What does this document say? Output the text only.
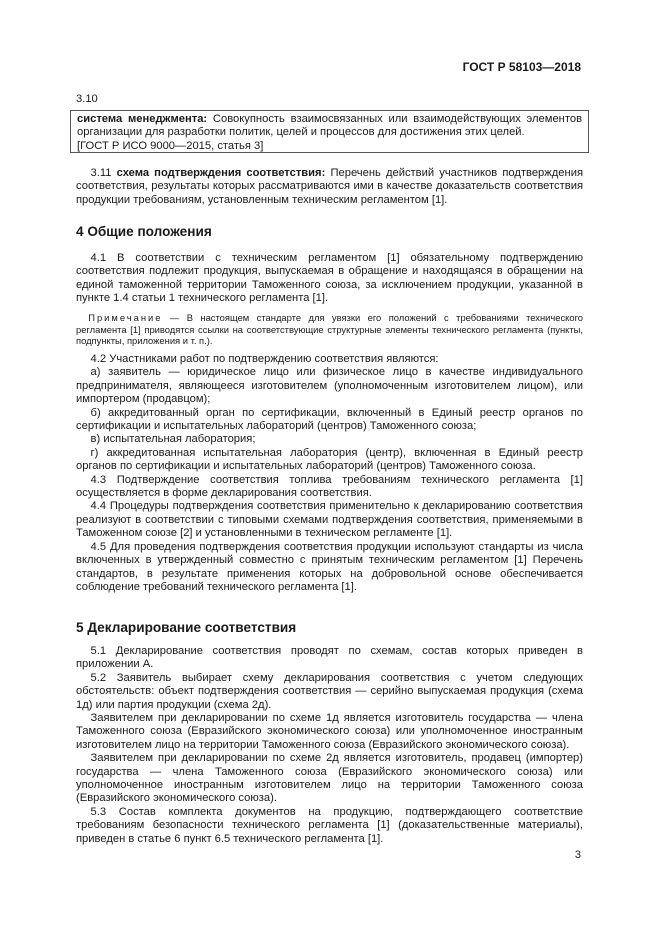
ГОСТ Р 58103—2018
3.10

система менеджмента: Совокупность взаимосвязанных или взаимодействующих элементов организации для разработки политик, целей и процессов для достижения этих целей.

[ГОСТ Р ИСО 9000—2015, статья 3]

3.11 схема подтверждения соответствия: Перечень действий участников подтверждения соответствия, результаты которых рассматриваются ими в качестве доказательств соответствия продукции требованиям, установленным техническим регламентом [1].

4 Общие положения

4.1 В соответствии с техническим регламентом [1] обязательному подтверждению соответствия подлежит продукция, выпускаемая в обращение и находящаяся в обращении на единой таможенной территории Таможенного союза, за исключением продукции, указанной в пункте 1.4 статьи 1 технического регламента [1].

Примечание — В настоящем стандарте для увязки его положений с требованиями технического регламента [1] приводятся ссылки на соответствующие структурные элементы технического регламента (пункты, подпункты, приложения и т. п.).

4.2 Участниками работ по подтверждению соответствия являются:

а) заявитель — юридическое лицо или физическое лицо в качестве индивидуального предпринимателя, являющееся изготовителем (уполномоченным изготовителем лицом), или импортером (продавцом);

б) аккредитованный орган по сертификации, включенный в Единый реестр органов по сертификации и испытательных лабораторий (центров) Таможенного союза;

в) испытательная лаборатория;

г) аккредитованная испытательная лаборатория (центр), включенная в Единый реестр органов по сертификации и испытательных лабораторий (центров) Таможенного союза.

4.3 Подтверждение соответствия топлива требованиям технического регламента [1] осуществляется в форме декларирования соответствия.

4.4 Процедуры подтверждения соответствия применительно к декларированию соответствия реализуют в соответствии с типовыми схемами подтверждения соответствия, применяемыми в Таможенном союзе [2] и установленными в техническом регламенте [1].

4.5 Для проведения подтверждения соответствия продукции используют стандарты из числа включенных в утвержденный совместно с принятым техническим регламентом [1] Перечень стандартов, в результате применения которых на добровольной основе обеспечивается соблюдение требований технического регламента [1].

5 Декларирование соответствия

5.1 Декларирование соответствия проводят по схемам, состав которых приведен в приложении А.

5.2 Заявитель выбирает схему декларирования соответствия с учетом следующих обстоятельств: объект подтверждения соответствия — серийно выпускаемая продукция (схема 1д) или партия продукции (схема 2д).

Заявителем при декларировании по схеме 1д является изготовитель государства — члена Таможенного союза (Евразийского экономического союза) или уполномоченное иностранным изготовителем лицо на территории Таможенного союза (Евразийского экономического союза).

Заявителем при декларировании по схеме 2д является изготовитель, продавец (импортер) государства — члена Таможенного союза (Евразийского экономического союза) или уполномоченное иностранным изготовителем лицо на территории Таможенного союза (Евразийского экономического союза).

5.3 Состав комплекта документов на продукцию, подтверждающего соответствие требованиям безопасности технического регламента [1] (доказательственные материалы), приведен в статье 6 пункт 6.5 технического регламента [1].

3
